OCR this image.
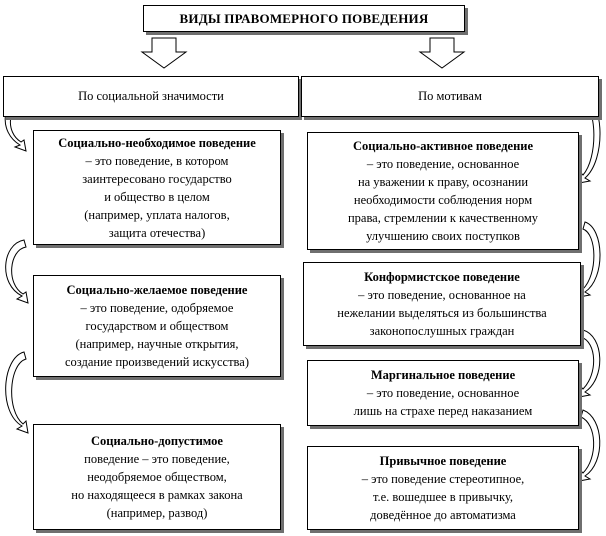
ВИДЫ ПРАВОМЕРНОГО ПОВЕДЕНИЯ
По социальной значимости	По мотивам
Социально-необходимое поведение
– это поведение, в котором
заинтересовано государство
и обществo в целом
(например, уплата налогов,
защита отечества)
Социально-желаемое поведение
– это поведение, одобряемое
государством и обществом
(например, научные открытия,
создание произведений искусства)
Социально-допустимое
поведение – это поведение,
неодобряемое обществом,
но находящееся в рамках закона
(например, развод)
Социально-активное поведение
– это поведение, основанное
на уважении к праву, осознании
необходимости соблюдения норм
права, стремлении к качественному
улучшению своих поступков
Конформистское поведение
– это поведение, основанное на
нежелании выделяться из большинства
законопослушных граждан
Маргинальное поведение
– это поведение, основанное
лишь на страхе перед наказанием
Привычное поведение
– это поведение стереотипное,
т.е. вошедшее в привычку,
доведённое до автоматизма
